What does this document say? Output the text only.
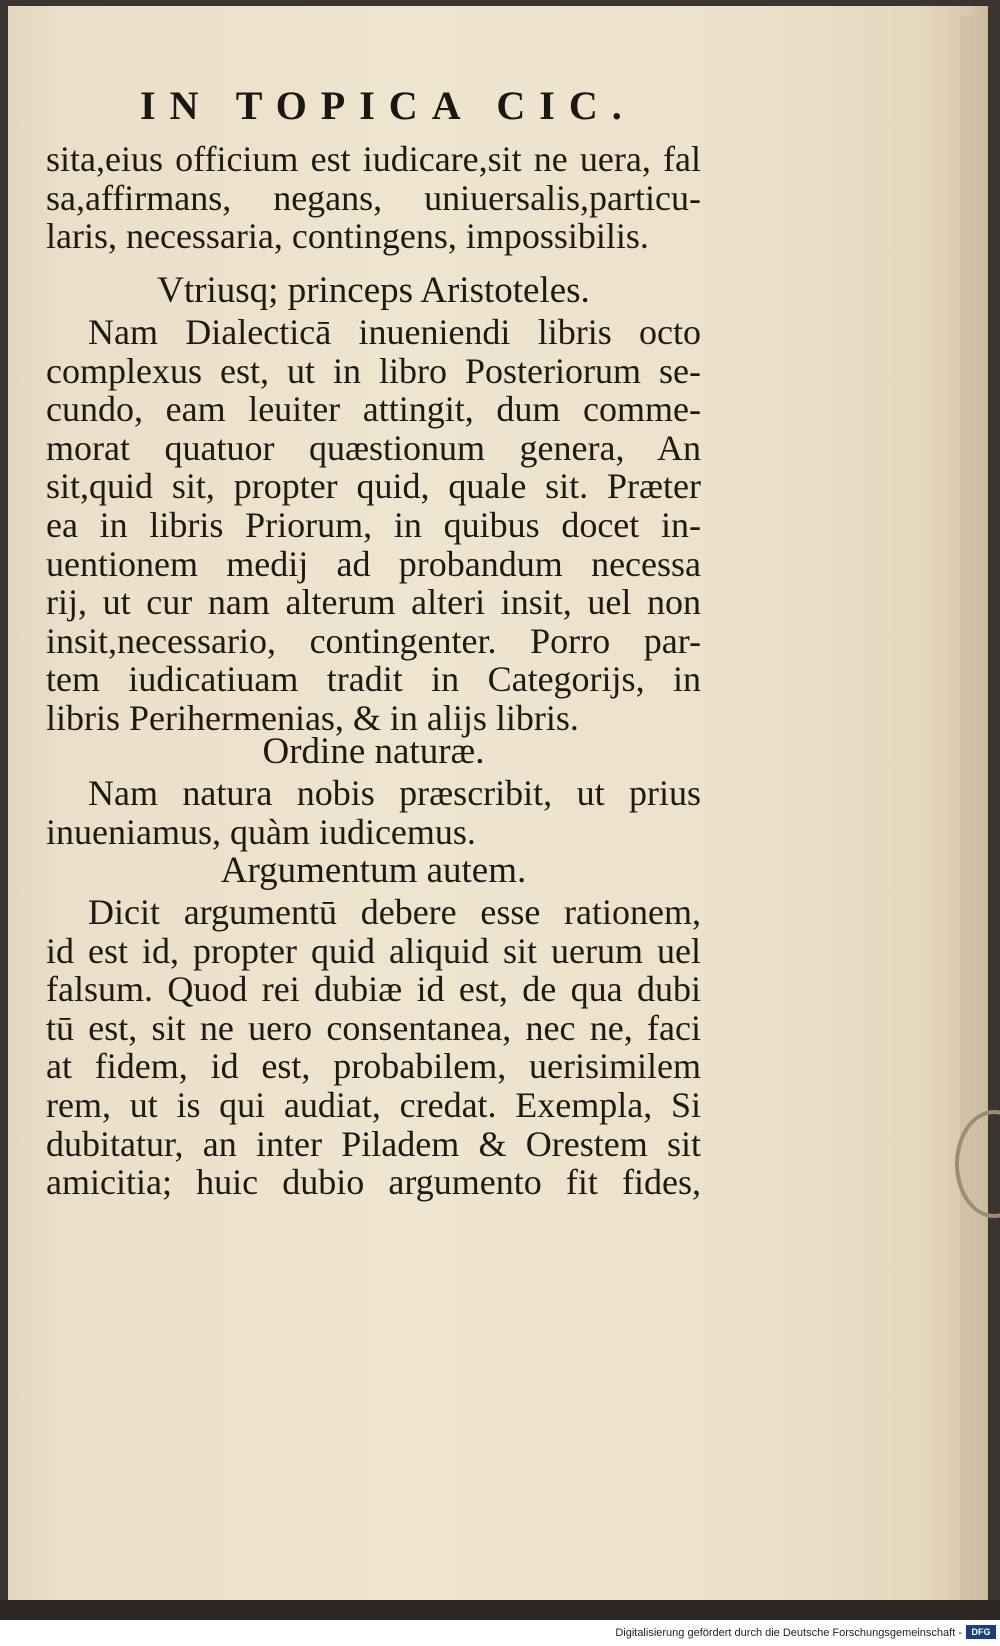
IN TOPICA CIC.
sita,eius officium est iudicare,sit ne uera, fal
sa,affirmans, negans, uniuersalis,particu-
laris, necessaria, contingens, impossibilis.
Vtriusq; princeps Aristoteles.
Nam Dialecticā inueniendi libris octo
complexus est, ut in libro Posteriorum se-
cundo, eam leuiter attingit, dum comme-
morat quatuor quæstionum genera, An
sit,quid sit, propter quid, quale sit. Præter
ea in libris Priorum, in quibus docet in-
uentionem medij ad probandum necessa
rij, ut cur nam alterum alteri insit, uel non
insit,necessario, contingenter. Porro par-
tem iudicatiuam tradit in Categorijs, in
libris Perihermenias, & in alijs libris.
Ordine naturæ.
Nam natura nobis præscribit, ut prius
inueniamus, quàm iudicemus.
Argumentum autem.
Dicit argumentū debere esse rationem,
id est id, propter quid aliquid sit uerum uel
falsum. Quod rei dubiæ id est, de qua dubi
tū est, sit ne uero consentanea, nec ne, faci
at fidem, id est, probabilem, uerisimilem
rem, ut is qui audiat, credat. Exempla, Si
dubitatur, an inter Piladem & Orestem sit
amicitia; huic dubio argumento fit fides,
Digitalisierung gefördert durch die Deutsche Forschungsgemeinschaft -	DFG
